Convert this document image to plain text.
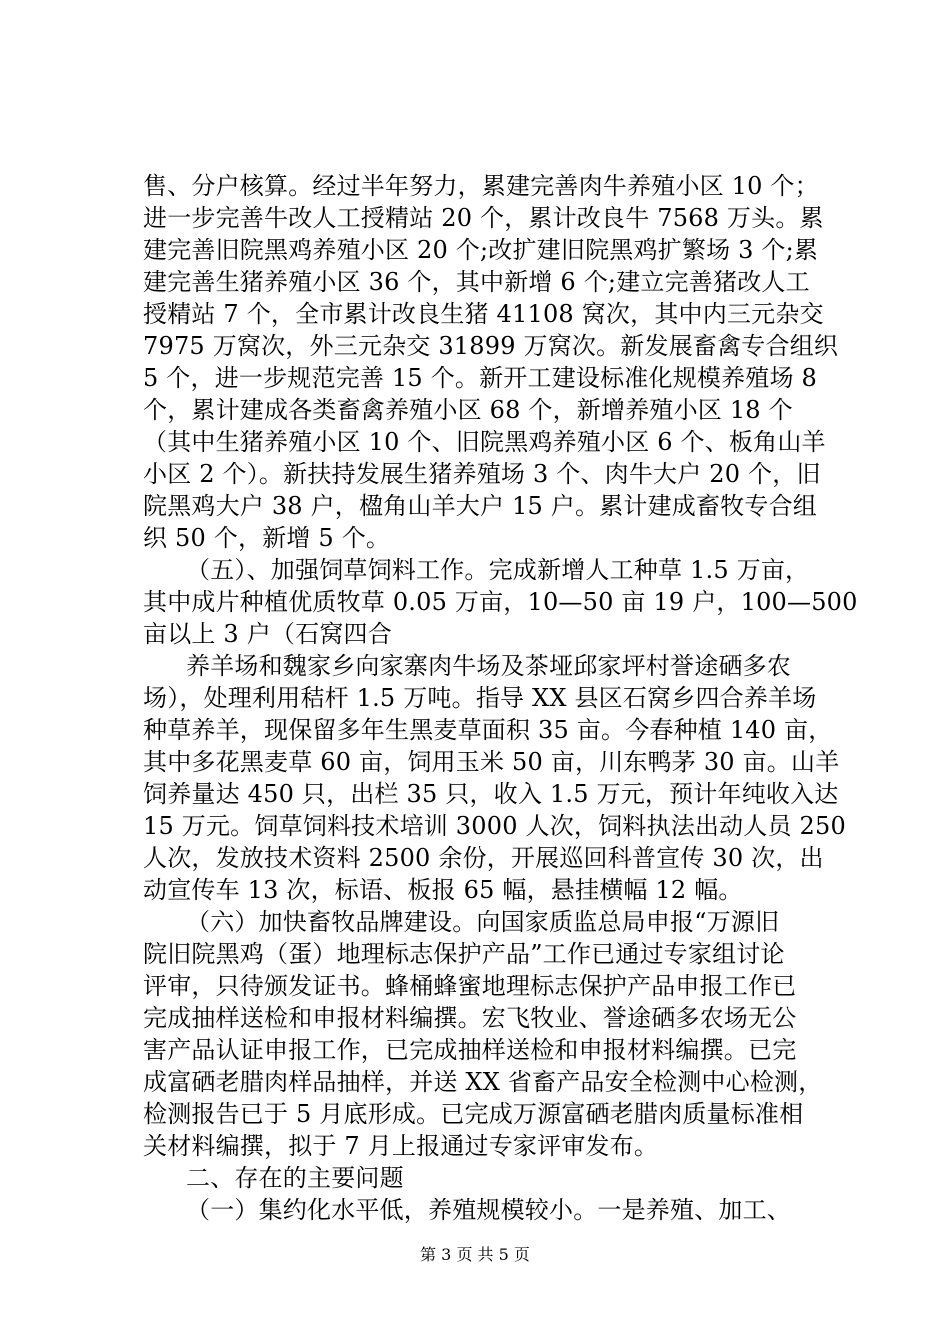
售、分户核算。经过半年努力，累建完善肉牛养殖小区 10 个；
进一步完善牛改人工授精站 20 个，累计改良牛 7568 万头。累
建完善旧院黑鸡养殖小区 20 个;改扩建旧院黑鸡扩繁场 3 个;累
建完善生猪养殖小区 36 个，其中新增 6 个;建立完善猪改人工
授精站 7 个，全市累计改良生猪 41108 窝次，其中内三元杂交
7975 万窝次，外三元杂交 31899 万窝次。新发展畜禽专合组织
5 个，进一步规范完善 15 个。新开工建设标准化规模养殖场 8
个，累计建成各类畜禽养殖小区 68 个，新增养殖小区 18 个
（其中生猪养殖小区 10 个、旧院黑鸡养殖小区 6 个、板角山羊
小区 2 个）。新扶持发展生猪养殖场 3 个、肉牛大户 20 个，旧
院黑鸡大户 38 户，楹角山羊大户 15 户。累计建成畜牧专合组
织 50 个，新增 5 个。
（五）、加强饲草饲料工作。完成新增人工种草 1.5 万亩，
其中成片种植优质牧草 0.05 万亩，10—50 亩 19 户，100—500
亩以上 3 户（石窝四合
养羊场和魏家乡向家寨肉牛场及茶垭邱家坪村誉途硒多农
场），处理利用秸杆 1.5 万吨。指导 XX 县区石窝乡四合养羊场
种草养羊，现保留多年生黑麦草面积 35 亩。今春种植 140 亩，
其中多花黑麦草 60 亩，饲用玉米 50 亩，川东鸭茅 30 亩。山羊
饲养量达 450 只，出栏 35 只，收入 1.5 万元，预计年纯收入达
15 万元。饲草饲料技术培训 3000 人次，饲料执法出动人员 250
人次，发放技术资料 2500 余份，开展巡回科普宣传 30 次，出
动宣传车 13 次，标语、板报 65 幅，悬挂横幅 12 幅。
（六）加快畜牧品牌建设。向国家质监总局申报“万源旧
院旧院黑鸡（蛋）地理标志保护产品”工作已通过专家组讨论
评审，只待颁发证书。蜂桶蜂蜜地理标志保护产品申报工作已
完成抽样送检和申报材料编撰。宏飞牧业、誉途硒多农场无公
害产品认证申报工作，已完成抽样送检和申报材料编撰。已完
成富硒老腊肉样品抽样，并送 XX 省畜产品安全检测中心检测，
检测报告已于 5 月底形成。已完成万源富硒老腊肉质量标准相
关材料编撰，拟于 7 月上报通过专家评审发布。
二、存在的主要问题
（一）集约化水平低，养殖规模较小。一是养殖、加工、
第 3 页 共 5 页
